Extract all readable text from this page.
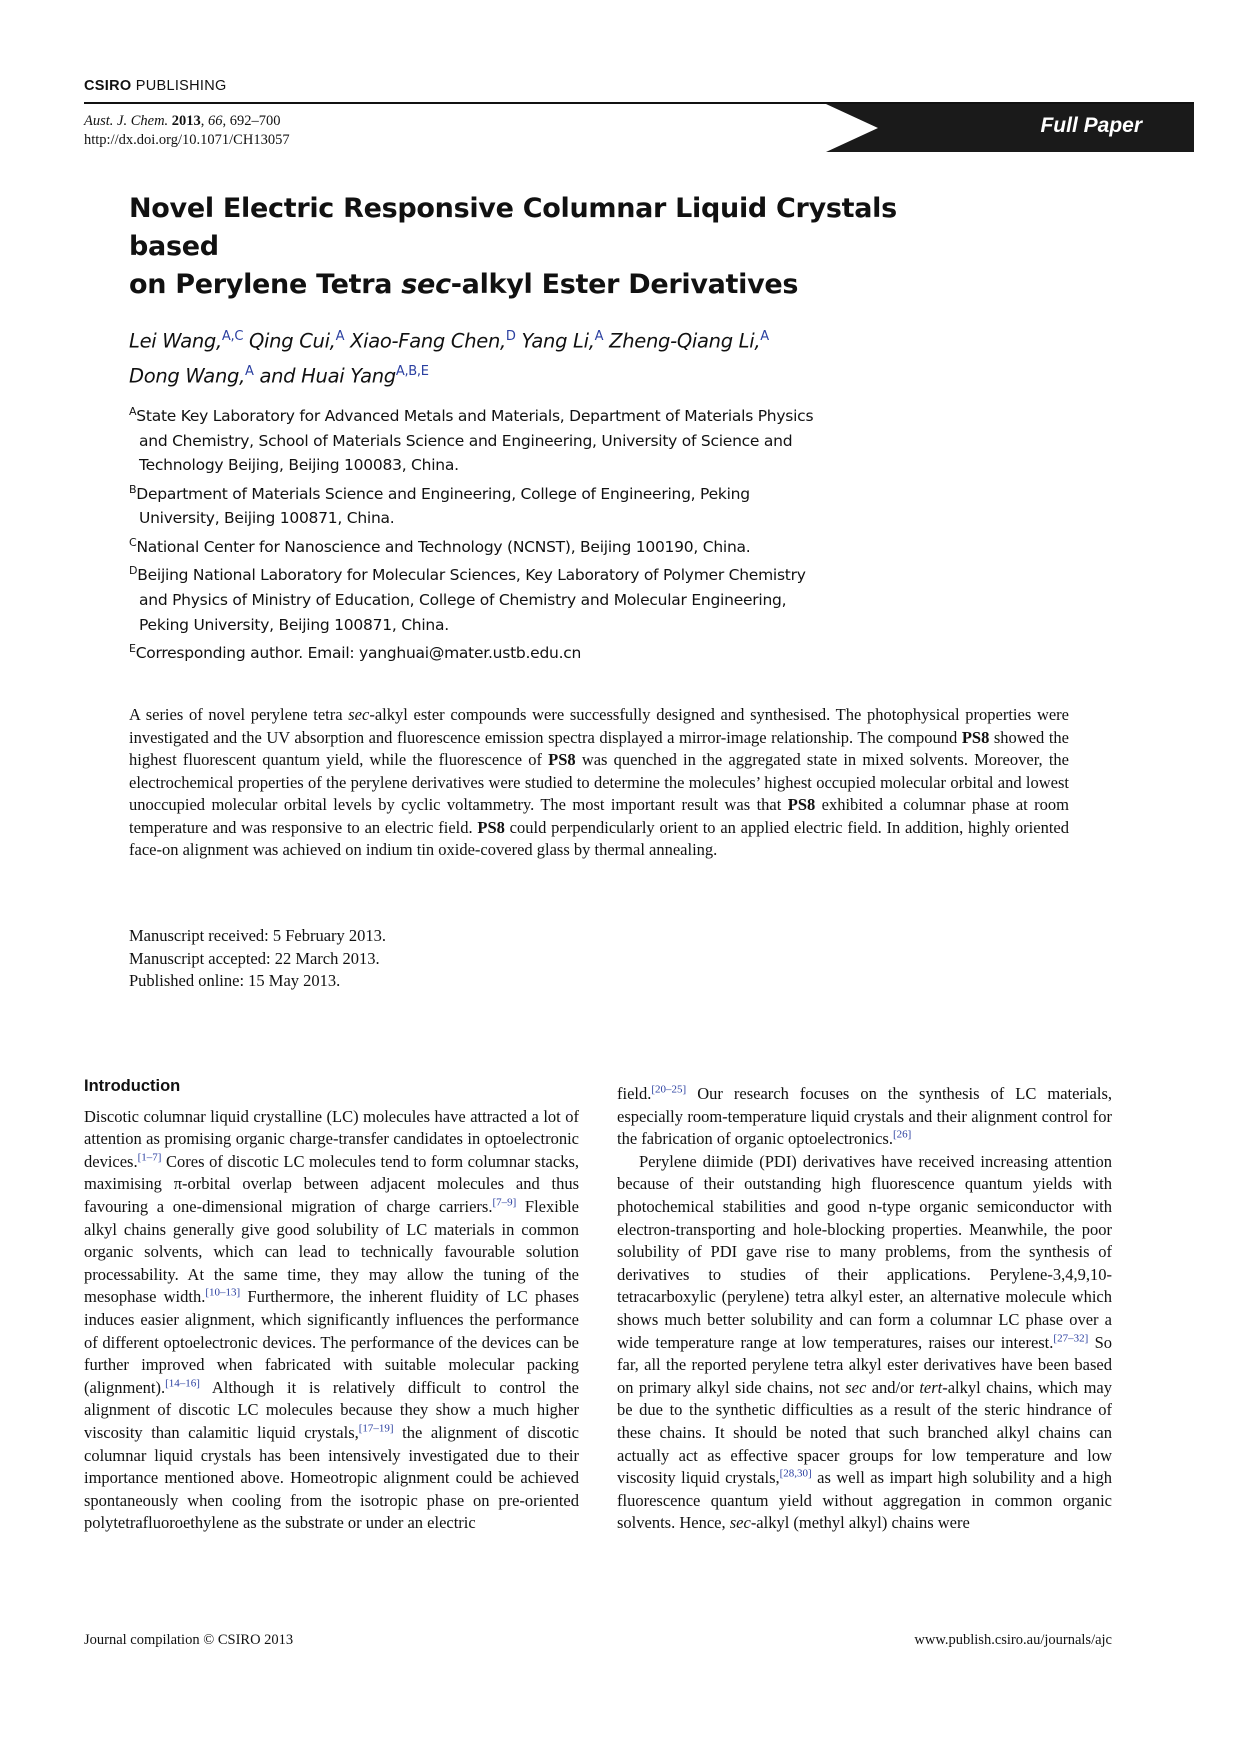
CSIRO PUBLISHING
Aust. J. Chem. 2013, 66, 692–700
http://dx.doi.org/10.1071/CH13057
Full Paper
Novel Electric Responsive Columnar Liquid Crystals based
on Perylene Tetra sec-alkyl Ester Derivatives
Lei Wang,$^{A,C}$ Qing Cui,$^A$ Xiao-Fang Chen,$^D$ Yang Li,$^A$ Zheng-Qiang Li,$^A$
Dong Wang,$^A$ and Huai Yang$^{A,B,E}$
$^A$State Key Laboratory for Advanced Metals and Materials, Department of Materials Physics and Chemistry, School of Materials Science and Engineering, University of Science and Technology Beijing, Beijing 100083, China.
$^B$Department of Materials Science and Engineering, College of Engineering, Peking University, Beijing 100871, China.
$^C$National Center for Nanoscience and Technology (NCNST), Beijing 100190, China.
$^D$Beijing National Laboratory for Molecular Sciences, Key Laboratory of Polymer Chemistry and Physics of Ministry of Education, College of Chemistry and Molecular Engineering, Peking University, Beijing 100871, China.
$^E$Corresponding author. Email: yanghuai@mater.ustb.edu.cn
A series of novel perylene tetra sec-alkyl ester compounds were successfully designed and synthesised. The photophysical properties were investigated and the UV absorption and fluorescence emission spectra displayed a mirror-image relationship. The compound PS8 showed the highest fluorescent quantum yield, while the fluorescence of PS8 was quenched in the aggregated state in mixed solvents. Moreover, the electrochemical properties of the perylene derivatives were studied to determine the molecules’ highest occupied molecular orbital and lowest unoccupied molecular orbital levels by cyclic voltammetry. The most important result was that PS8 exhibited a columnar phase at room temperature and was responsive to an electric field. PS8 could perpendicularly orient to an applied electric field. In addition, highly oriented face-on alignment was achieved on indium tin oxide-covered glass by thermal annealing.
Manuscript received: 5 February 2013.
Manuscript accepted: 22 March 2013.
Published online: 15 May 2013.
Introduction

Discotic columnar liquid crystalline (LC) molecules have attracted a lot of attention as promising organic charge-transfer candidates in optoelectronic devices.[1–7] Cores of discotic LC molecules tend to form columnar stacks, maximising π-orbital overlap between adjacent molecules and thus favouring a one-dimensional migration of charge carriers.[7–9] Flexible alkyl chains generally give good solubility of LC materials in common organic solvents, which can lead to technically favourable solution processability. At the same time, they may allow the tuning of the mesophase width.[10–13] Furthermore, the inherent fluidity of LC phases induces easier alignment, which significantly influences the performance of different optoelectronic devices. The performance of the devices can be further improved when fabricated with suitable molecular packing (alignment).[14–16] Although it is relatively difficult to control the alignment of discotic LC molecules because they show a much higher viscosity than calamitic liquid crystals,[17–19] the alignment of discotic columnar liquid crystals has been intensively investigated due to their importance mentioned above. Homeotropic alignment could be achieved spontaneously when cooling from the isotropic phase on pre-oriented polytetrafluoroethylene as the substrate or under an electric

field.[20–25] Our research focuses on the synthesis of LC materials, especially room-temperature liquid crystals and their alignment control for the fabrication of organic optoelectronics.[26]

Perylene diimide (PDI) derivatives have received increasing attention because of their outstanding high fluorescence quantum yields with photochemical stabilities and good n-type organic semiconductor with electron-transporting and hole-blocking properties. Meanwhile, the poor solubility of PDI gave rise to many problems, from the synthesis of derivatives to studies of their applications. Perylene-3,4,9,10-tetracarboxylic (perylene) tetra alkyl ester, an alternative molecule which shows much better solubility and can form a columnar LC phase over a wide temperature range at low temperatures, raises our interest.[27–32] So far, all the reported perylene tetra alkyl ester derivatives have been based on primary alkyl side chains, not sec and/or tert-alkyl chains, which may be due to the synthetic difficulties as a result of the steric hindrance of these chains. It should be noted that such branched alkyl chains can actually act as effective spacer groups for low temperature and low viscosity liquid crystals,[28,30] as well as impart high solubility and a high fluorescence quantum yield without aggregation in common organic solvents. Hence, sec-alkyl (methyl alkyl) chains were

Journal compilation © CSIRO 2013	www.publish.csiro.au/journals/ajc
